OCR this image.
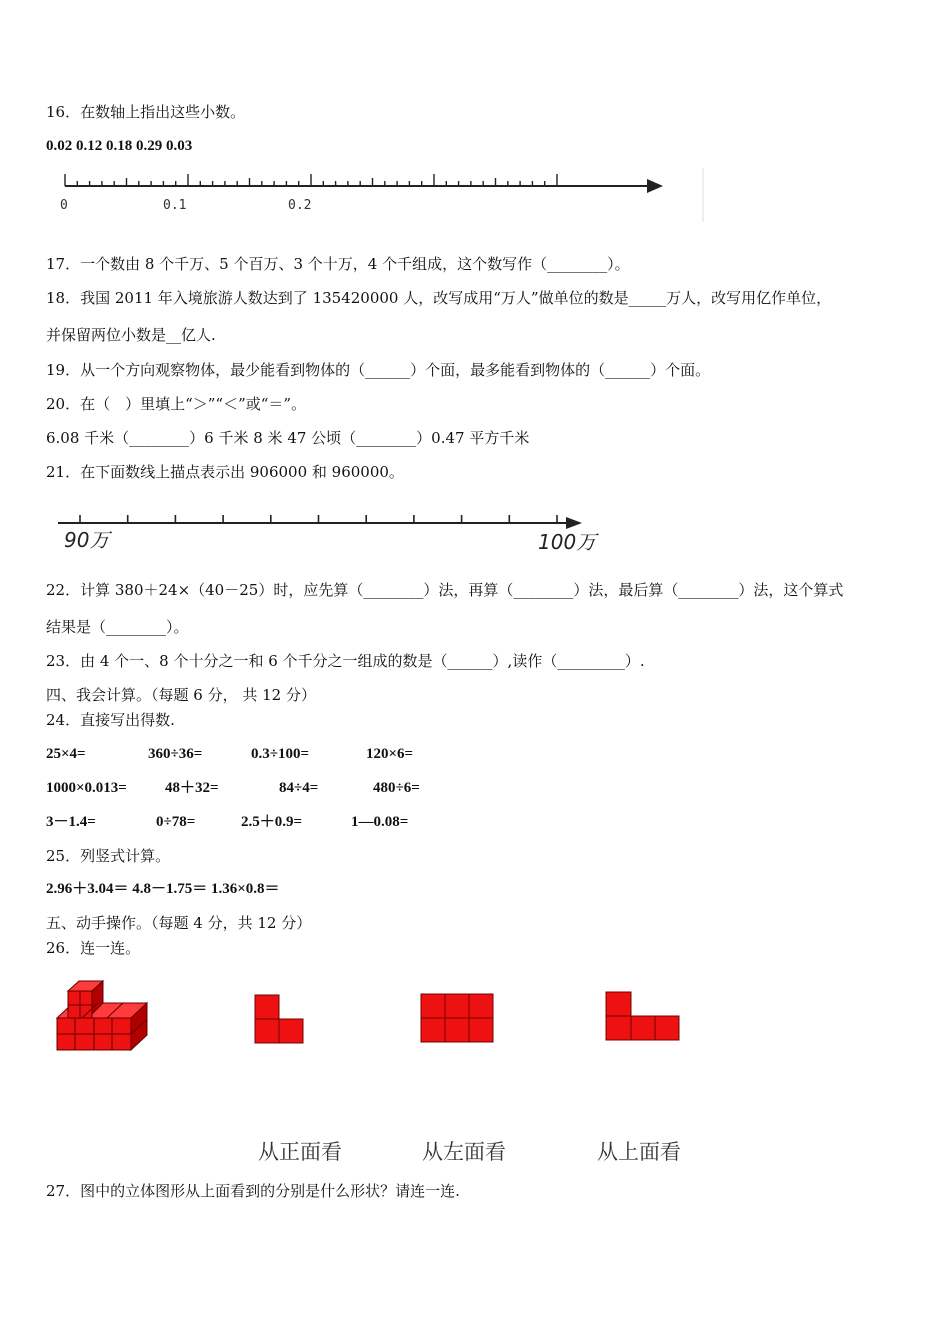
16．在数轴上指出这些小数。
0.02 0.12 0.18 0.29 0.03
0	0.1	0.2
17．一个数由 8 个千万、5 个百万、3 个十万，4 个千组成，这个数写作（________）。
18．我国 2011 年入境旅游人数达到了 135420000 人，改写成用“万人”做单位的数是_____万人，改写用亿作单位，
并保留两位小数是__亿人.
19．从一个方向观察物体，最少能看到物体的（______）个面，最多能看到物体的（______）个面。
20．在（　）里填上“＞”“＜”或“＝”。
6.08 千米（________）6 千米 8 米 47 公顷（________）0.47 平方千米
21．在下面数线上描点表示出 906000 和 960000。
90万	100万
22．计算 380＋24×（40－25）时，应先算（________）法，再算（________）法，最后算（________）法，这个算式
结果是（________）。
23．由 4 个一、8 个十分之一和 6 个千分之一组成的数是（______）,读作（_________）.
四、我会计算。（每题 6 分， 共 12 分）
24．直接写出得数.
25×4=	360÷36=	0.3÷100=	120×6=
1000×0.013=	48＋32=	84÷4=	480÷6=
3－1.4=	0÷78=	2.5＋0.9=	1—0.08=
25．列竖式计算。
2.96＋3.04＝ 4.8－1.75＝ 1.36×0.8＝
五、动手操作。（每题 4 分，共 12 分）
26．连一连。
从正面看	从左面看	从上面看
27．图中的立体图形从上面看到的分别是什么形状？请连一连.
